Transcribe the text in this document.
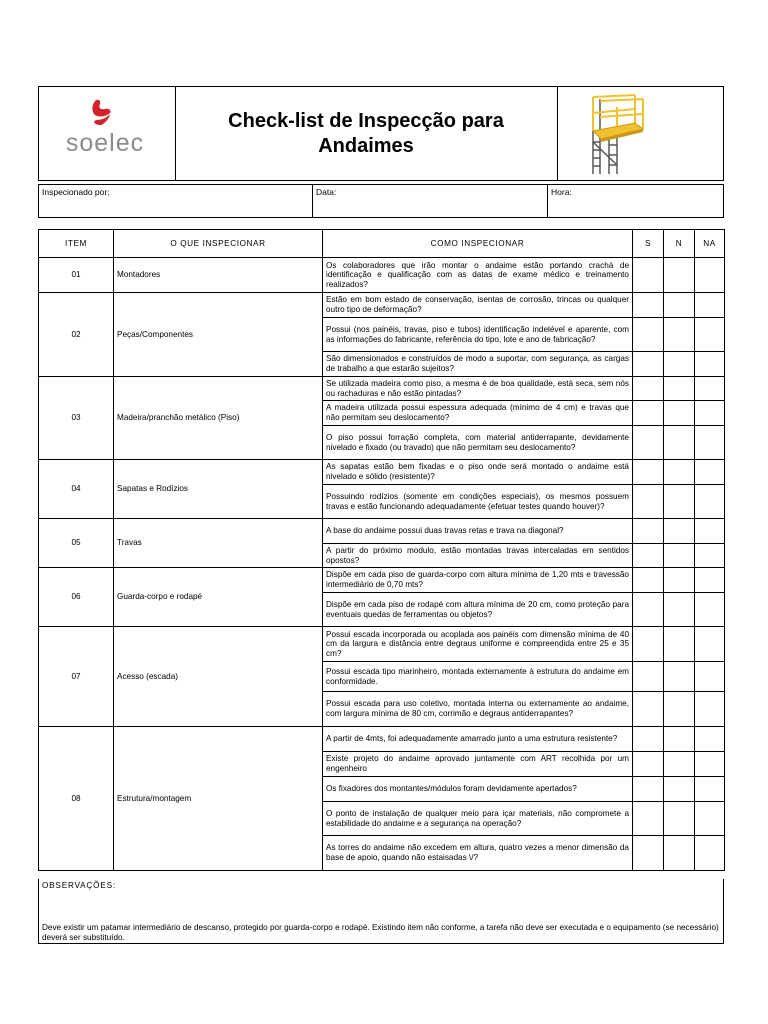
soelec
Check-list de Inspecção para
Andaimes
Inspecionado por:	Data:	Hora:
ITEM	O QUE INSPECIONAR	COMO INSPECIONAR	S	N	NA
01	Montadores	Os colaboradores que irão montar o andaime estão portando crachá de identificação e qualificação com as datas de exame médico e treinamento realizados?			
02	Peças/Componentes	Estão em bom estado de conservação, isentas de corrosão, trincas ou qualquer outro tipo de deformação?			
		Possui (nos painéis, travas, piso e tubos) identificação indelével e aparente, com as informações do fabricante, referência do tipo, lote e ano de fabricação?			
		São dimensionados e construídos de modo a suportar, com segurança, as cargas de trabalho a que estarão sujeitos?			
03	Madeira/pranchão metálico (Piso)	Se utilizada madeira como piso, a mesma é de boa qualidade, está seca, sem nós ou rachaduras e não estão pintadas?			
		A madeira utilizada possui espessura adequada (mínimo de 4 cm) e travas que não permitam seu deslocamento?			
		O piso possui forração completa, com material antiderrapante, devidamente nivelado e fixado (ou travado) que não permitam seu deslocamento?			
04	Sapatas e Rodízios	As sapatas estão bem fixadas e o piso onde será montado o andaime está nivelado e sólido (resistente)?			
		Possuindo rodízios (somente em condições especiais), os mesmos possuem travas e estão funcionando adequadamente (efetuar testes quando houver)?			
05	Travas	A base do andaime possui duas travas retas e trava na diagonal?			
		A partir do próximo modulo, estão montadas travas intercaladas em sentidos opostos?			
06	Guarda-corpo e rodapé	Dispõe em cada piso de guarda-corpo com altura mínima de 1,20 mts e travessão intermediário de 0,70 mts?			
		Dispõe em cada piso de rodapé com altura mínima de 20 cm, como proteção para eventuais quedas de ferramentas ou objetos?			
07	Acesso (escada)	Possui escada incorporada ou acoplada aos painéis com dimensão mínima de 40 cm da largura e distância entre degraus uniforme e compreendida entre 25 e 35 cm?			
		Possui escada tipo marinheiro, montada externamente à estrutura do andaime em conformidade.			
		Possui escada para uso coletivo, montada interna ou externamente ao andaime, com largura mínima de 80 cm, corrimão e degraus antiderrapantes?			
08	Estrutura/montagem	A partir de 4mts, foi adequadamente amarrado junto a uma estrutura resistente?			
		Existe projeto do andaime aprovado juntamente com ART recolhida por um engenheiro			
		Os fixadores dos montantes/módulos foram devidamente apertados?			
		O ponto de instalação de qualquer meio para içar materiais, não compromete a estabilidade do andaime e a segurança na operação?			
		As torres do andaime não excedem em altura, quatro vezes a menor dimensão da base de apoio, quando não estaisadas \/?			
OBSERVAÇÕES:
Deve existir um patamar intermediário de descanso, protegido por guarda-corpo e rodapé. Existindo item não conforme, a tarefa não deve ser executada e o equipamento (se necessário) deverá ser substituído.
